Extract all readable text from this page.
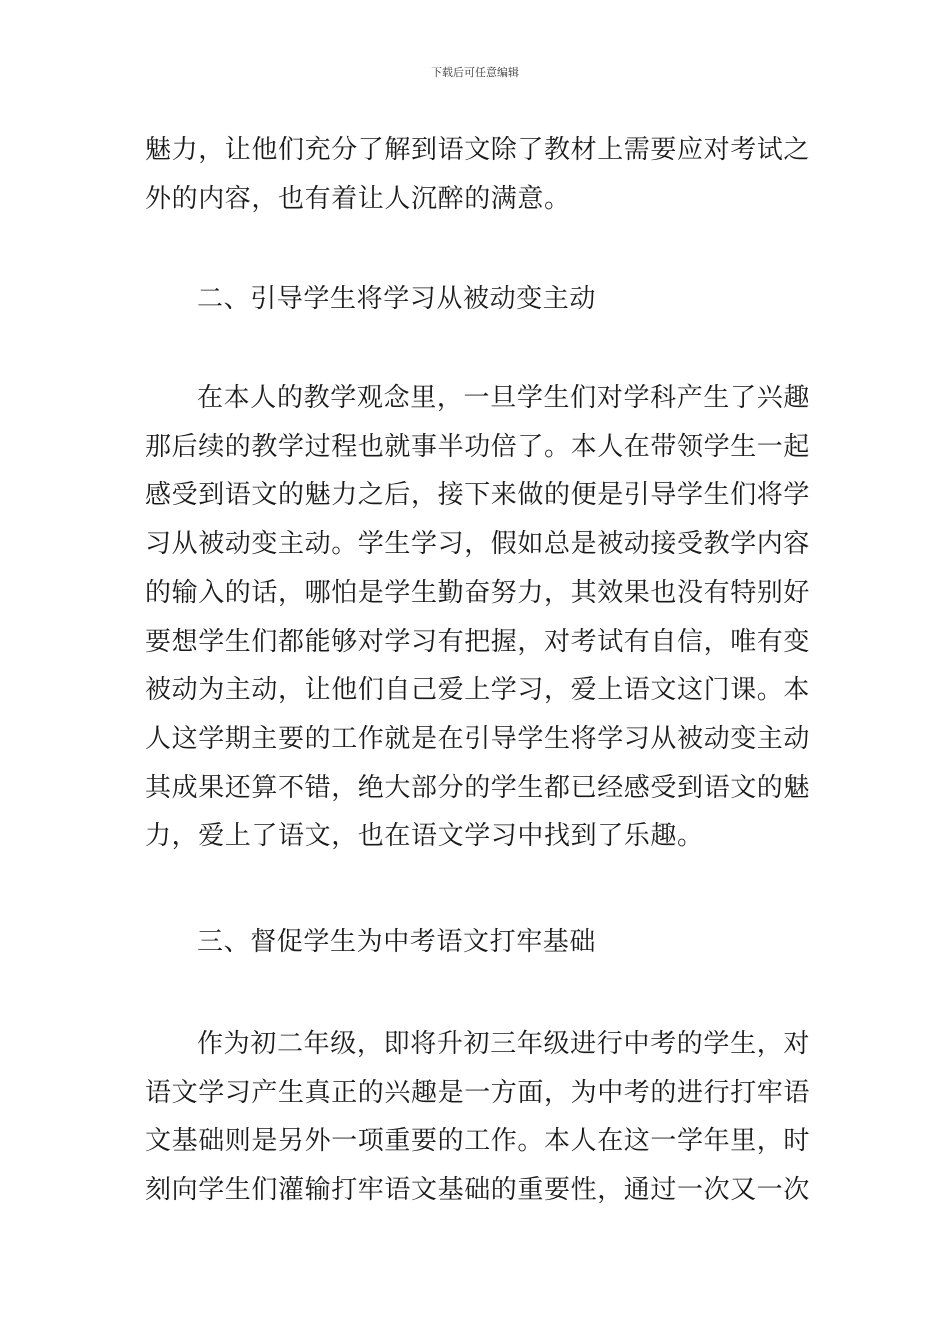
下载后可任意编辑

魅力，让他们充分了解到语文除了教材上需要应对考试之外的内容，也有着让人沉醉的满意。

二、引导学生将学习从被动变主动

在本人的教学观念里，一旦学生们对学科产生了兴趣那后续的教学过程也就事半功倍了。本人在带领学生一起感受到语文的魅力之后，接下来做的便是引导学生们将学习从被动变主动。学生学习，假如总是被动接受教学内容的输入的话，哪怕是学生勤奋努力，其效果也没有特别好要想学生们都能够对学习有把握，对考试有自信，唯有变被动为主动，让他们自己爱上学习，爱上语文这门课。本人这学期主要的工作就是在引导学生将学习从被动变主动其成果还算不错，绝大部分的学生都已经感受到语文的魅力，爱上了语文，也在语文学习中找到了乐趣。

三、督促学生为中考语文打牢基础

作为初二年级，即将升初三年级进行中考的学生，对语文学习产生真正的兴趣是一方面，为中考的进行打牢语文基础则是另外一项重要的工作。本人在这一学年里，时刻向学生们灌输打牢语文基础的重要性，通过一次又一次
